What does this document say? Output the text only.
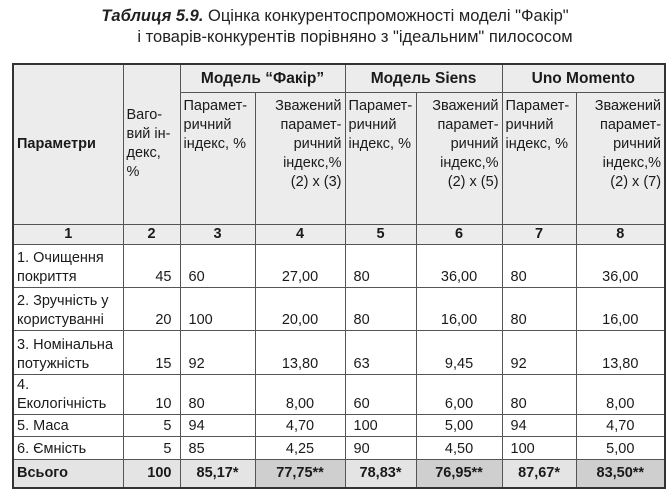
Таблиця 5.9. Оцінка конкурентоспроможності моделі "Факір"
і товарів-конкурентів порівняно з "ідеальним" пилососом
Параметри	Ваго-
вий ін-
декс,
%	Модель “Факір”		Модель Siens		Uno Momento	
		Парамет-
ричний
індекс, %	Зважений
парамет-
ричний
індекс,%
(2) x (3)	Парамет-
ричний
індекс, %	Зважений
парамет-
ричний
індекс,%
(2) x (5)	Парамет-
ричний
індекс, %	Зважений
парамет-
ричний
індекс,%
(2) x (7)
1	2	3	4	5	6	7	8
1. Очищення
покриття	45	60	27,00	80	36,00	80	36,00
2. Зручність у
користуванні	20	100	20,00	80	16,00	80	16,00
3. Номінальна
потужність	15	92	13,80	63	9,45	92	13,80
4. Екологічність	10	80	8,00	60	6,00	80	8,00
5. Маса	5	94	4,70	100	5,00	94	4,70
6. Ємність	5	85	4,25	90	4,50	100	5,00
Всього	100	85,17*	77,75**	78,83*	76,95**	87,67*	83,50**
